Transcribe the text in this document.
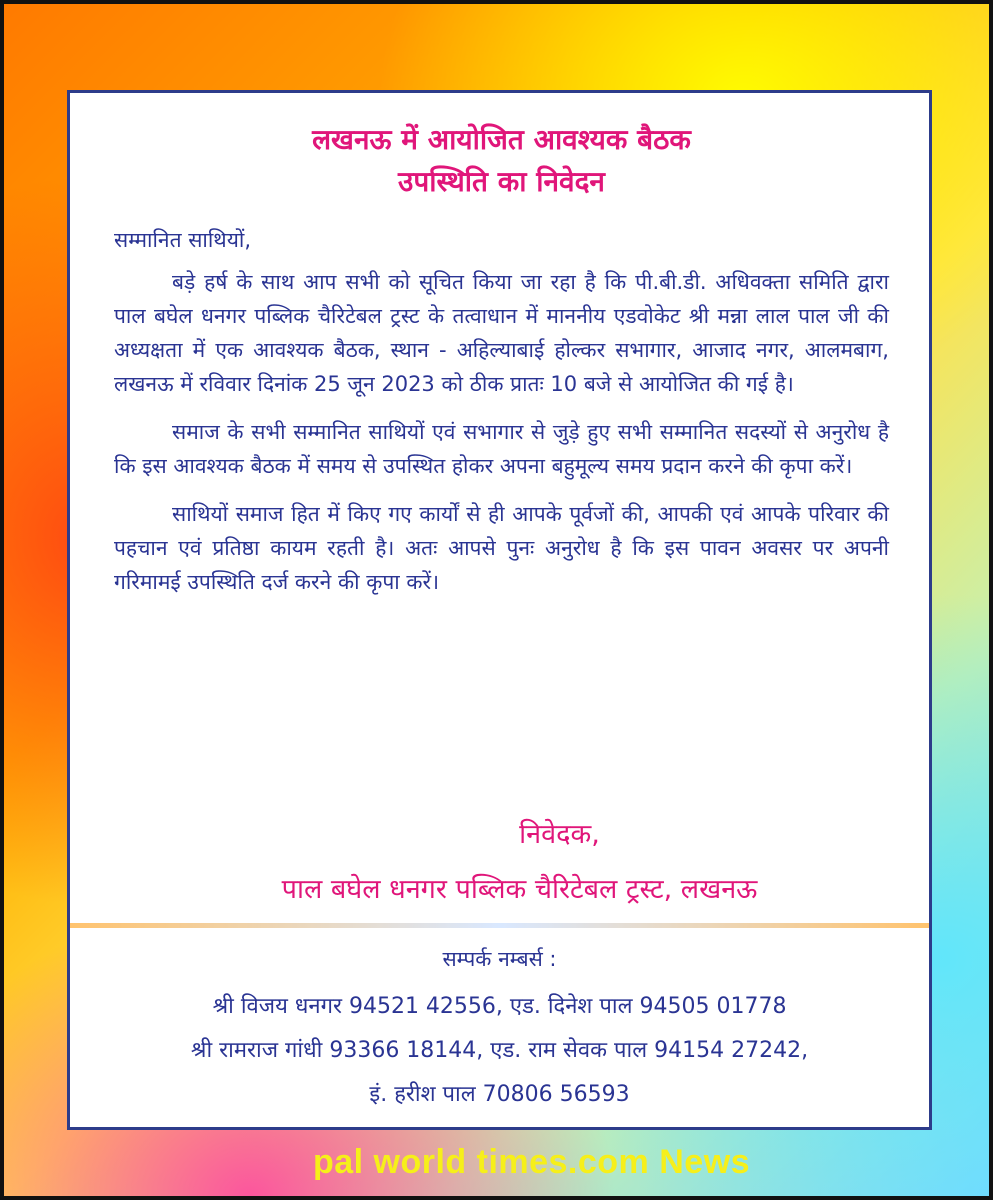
लखनऊ में आयोजित आवश्यक बैठक
उपस्थिति का निवेदन

सम्मानित साथियों,

बड़े हर्ष के साथ आप सभी को सूचित किया जा रहा है कि पी.बी.डी. अधिवक्ता समिति द्वारा पाल बघेल धनगर पब्लिक चैरिटेबल ट्रस्ट के तत्वाधान में माननीय एडवोकेट श्री मन्ना लाल पाल जी की अध्यक्षता में एक आवश्यक बैठक, स्थान - अहिल्याबाई होल्कर सभागार, आजाद नगर, आलमबाग, लखनऊ में रविवार दिनांक 25 जून 2023 को ठीक प्रातः 10 बजे से आयोजित की गई है।

समाज के सभी सम्मानित साथियों एवं सभागार से जुड़े हुए सभी सम्मानित सदस्यों से अनुरोध है कि इस आवश्यक बैठक में समय से उपस्थित होकर अपना बहुमूल्य समय प्रदान करने की कृपा करें।

साथियों समाज हित में किए गए कार्यों से ही आपके पूर्वजों की, आपकी एवं आपके परिवार की पहचान एवं प्रतिष्ठा कायम रहती है। अतः आपसे पुनः अनुरोध है कि इस पावन अवसर पर अपनी गरिमामई उपस्थिति दर्ज करने की कृपा करें।

निवेदक,
पाल बघेल धनगर पब्लिक चैरिटेबल ट्रस्ट, लखनऊ

सम्पर्क नम्बर्स :

श्री विजय धनगर 94521 42556, एड. दिनेश पाल 94505 01778

श्री रामराज गांधी 93366 18144, एड. राम सेवक पाल 94154 27242,

इं. हरीश पाल 70806 56593

pal world times.com News
